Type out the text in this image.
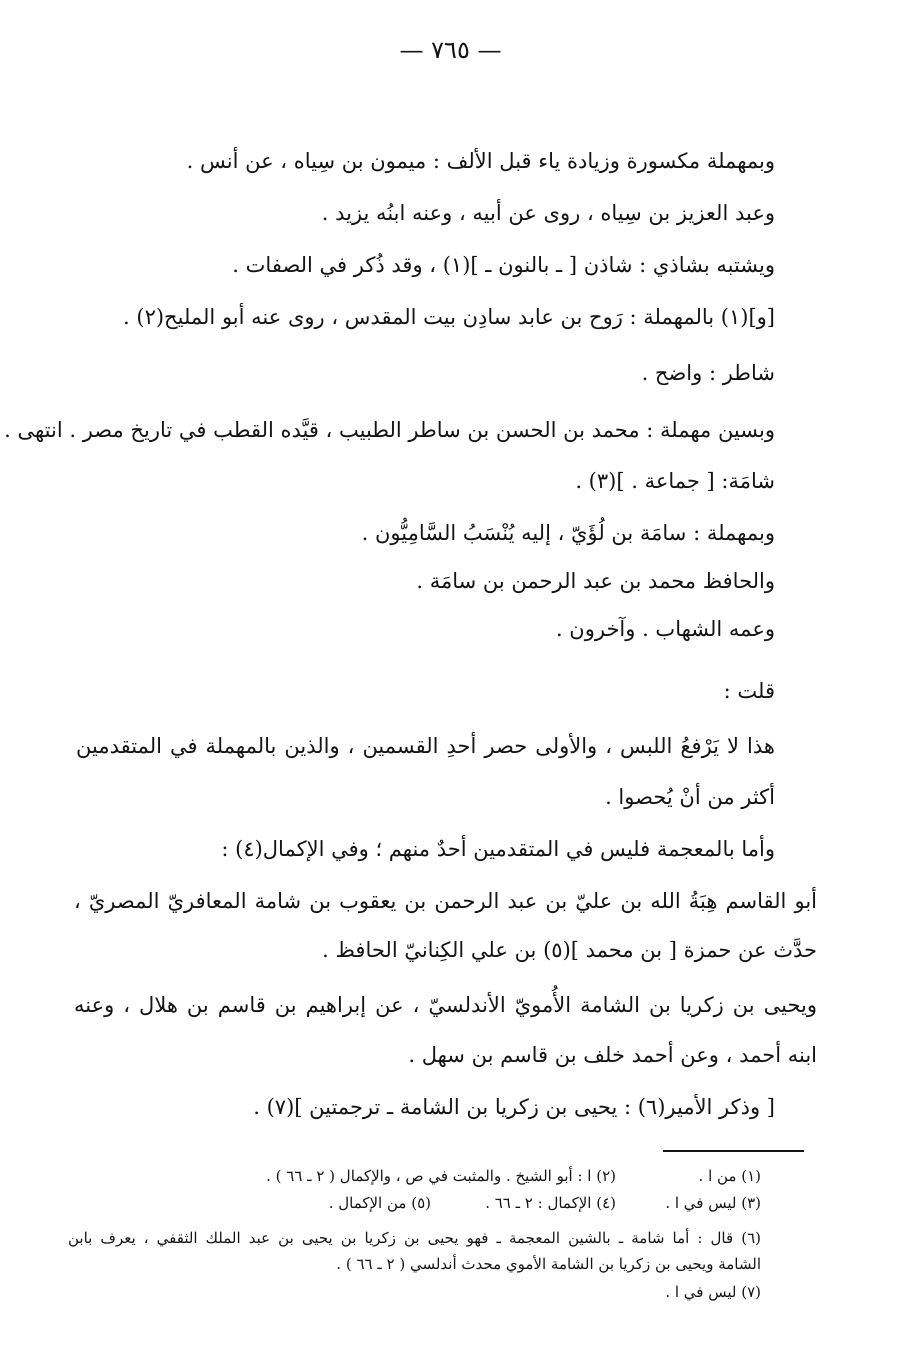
— ٧٦٥ —
وبمهملة مكسورة وزيادة ياء قبل الألف : ميمون بن سِياه ، عن أنس .
وعبد العزيز بن سِياه ، روى عن أبيه ، وعنه ابنُه يزيد .
ويشتبه بشاذي : شاذن [ ـ بالنون ـ ](١) ، وقد ذُكر في الصفات .
[و](١) بالمهملة : رَوح بن عابد سادِن بيت المقدس ، روى عنه أبو المليح(٢) .
شاطر : واضح .
وبسين مهملة : محمد بن الحسن بن ساطر الطبيب ، قيَّده القطب في تاريخ مصر . انتهى .
شامَة: [ جماعة . ](٣) .
وبمهملة : سامَة بن لُؤَيّ ، إليه يُنْسَبُ السَّامِيُّون .
والحافظ محمد بن عبد الرحمن بن سامَة .
وعمه الشهاب . وآخرون .
قلت :
هذا لا يَرْفعُ اللبس ، والأولى حصر أحدِ القسمين ، والذين بالمهملة في المتقدمين
أكثر من أنْ يُحصوا .
وأما بالمعجمة فليس في المتقدمين أحدٌ منهم ؛ وفي الإكمال(٤) :
أبو القاسم هِبَةُ الله بن عليّ بن عبد الرحمن بن يعقوب بن شامة المعافريّ المصريّ ،
حدَّث عن حمزة [ بن محمد ](٥) بن علي الكِنانيّ الحافظ .
ويحيى بن زكريا بن الشامة الأُمويّ الأندلسيّ ، عن إبراهيم بن قاسم بن هلال ، وعنه
ابنه أحمد ، وعن أحمد خلف بن قاسم بن سهل .
[ وذكر الأمير(٦) : يحيى بن زكريا بن الشامة ـ ترجمتين ](٧) .
(١) من ا .
(٢) ا : أبو الشيخ . والمثبت في ص ، والإكمال ( ٢ ـ ٦٦ ) .
(٣) ليس في ا .
(٤) الإكمال : ٢ ـ ٦٦ .
(٥) من الإكمال .
(٦) قال : أما شامة ـ بالشين المعجمة ـ فهو يحيى بن زكريا بن يحيى بن عبد الملك الثقفي ، يعرف بابن
الشامة ويحيى بن زكريا بن الشامة الأموي محدث أندلسي ( ٢ ـ ٦٦ ) .
(٧) ليس في ا .
